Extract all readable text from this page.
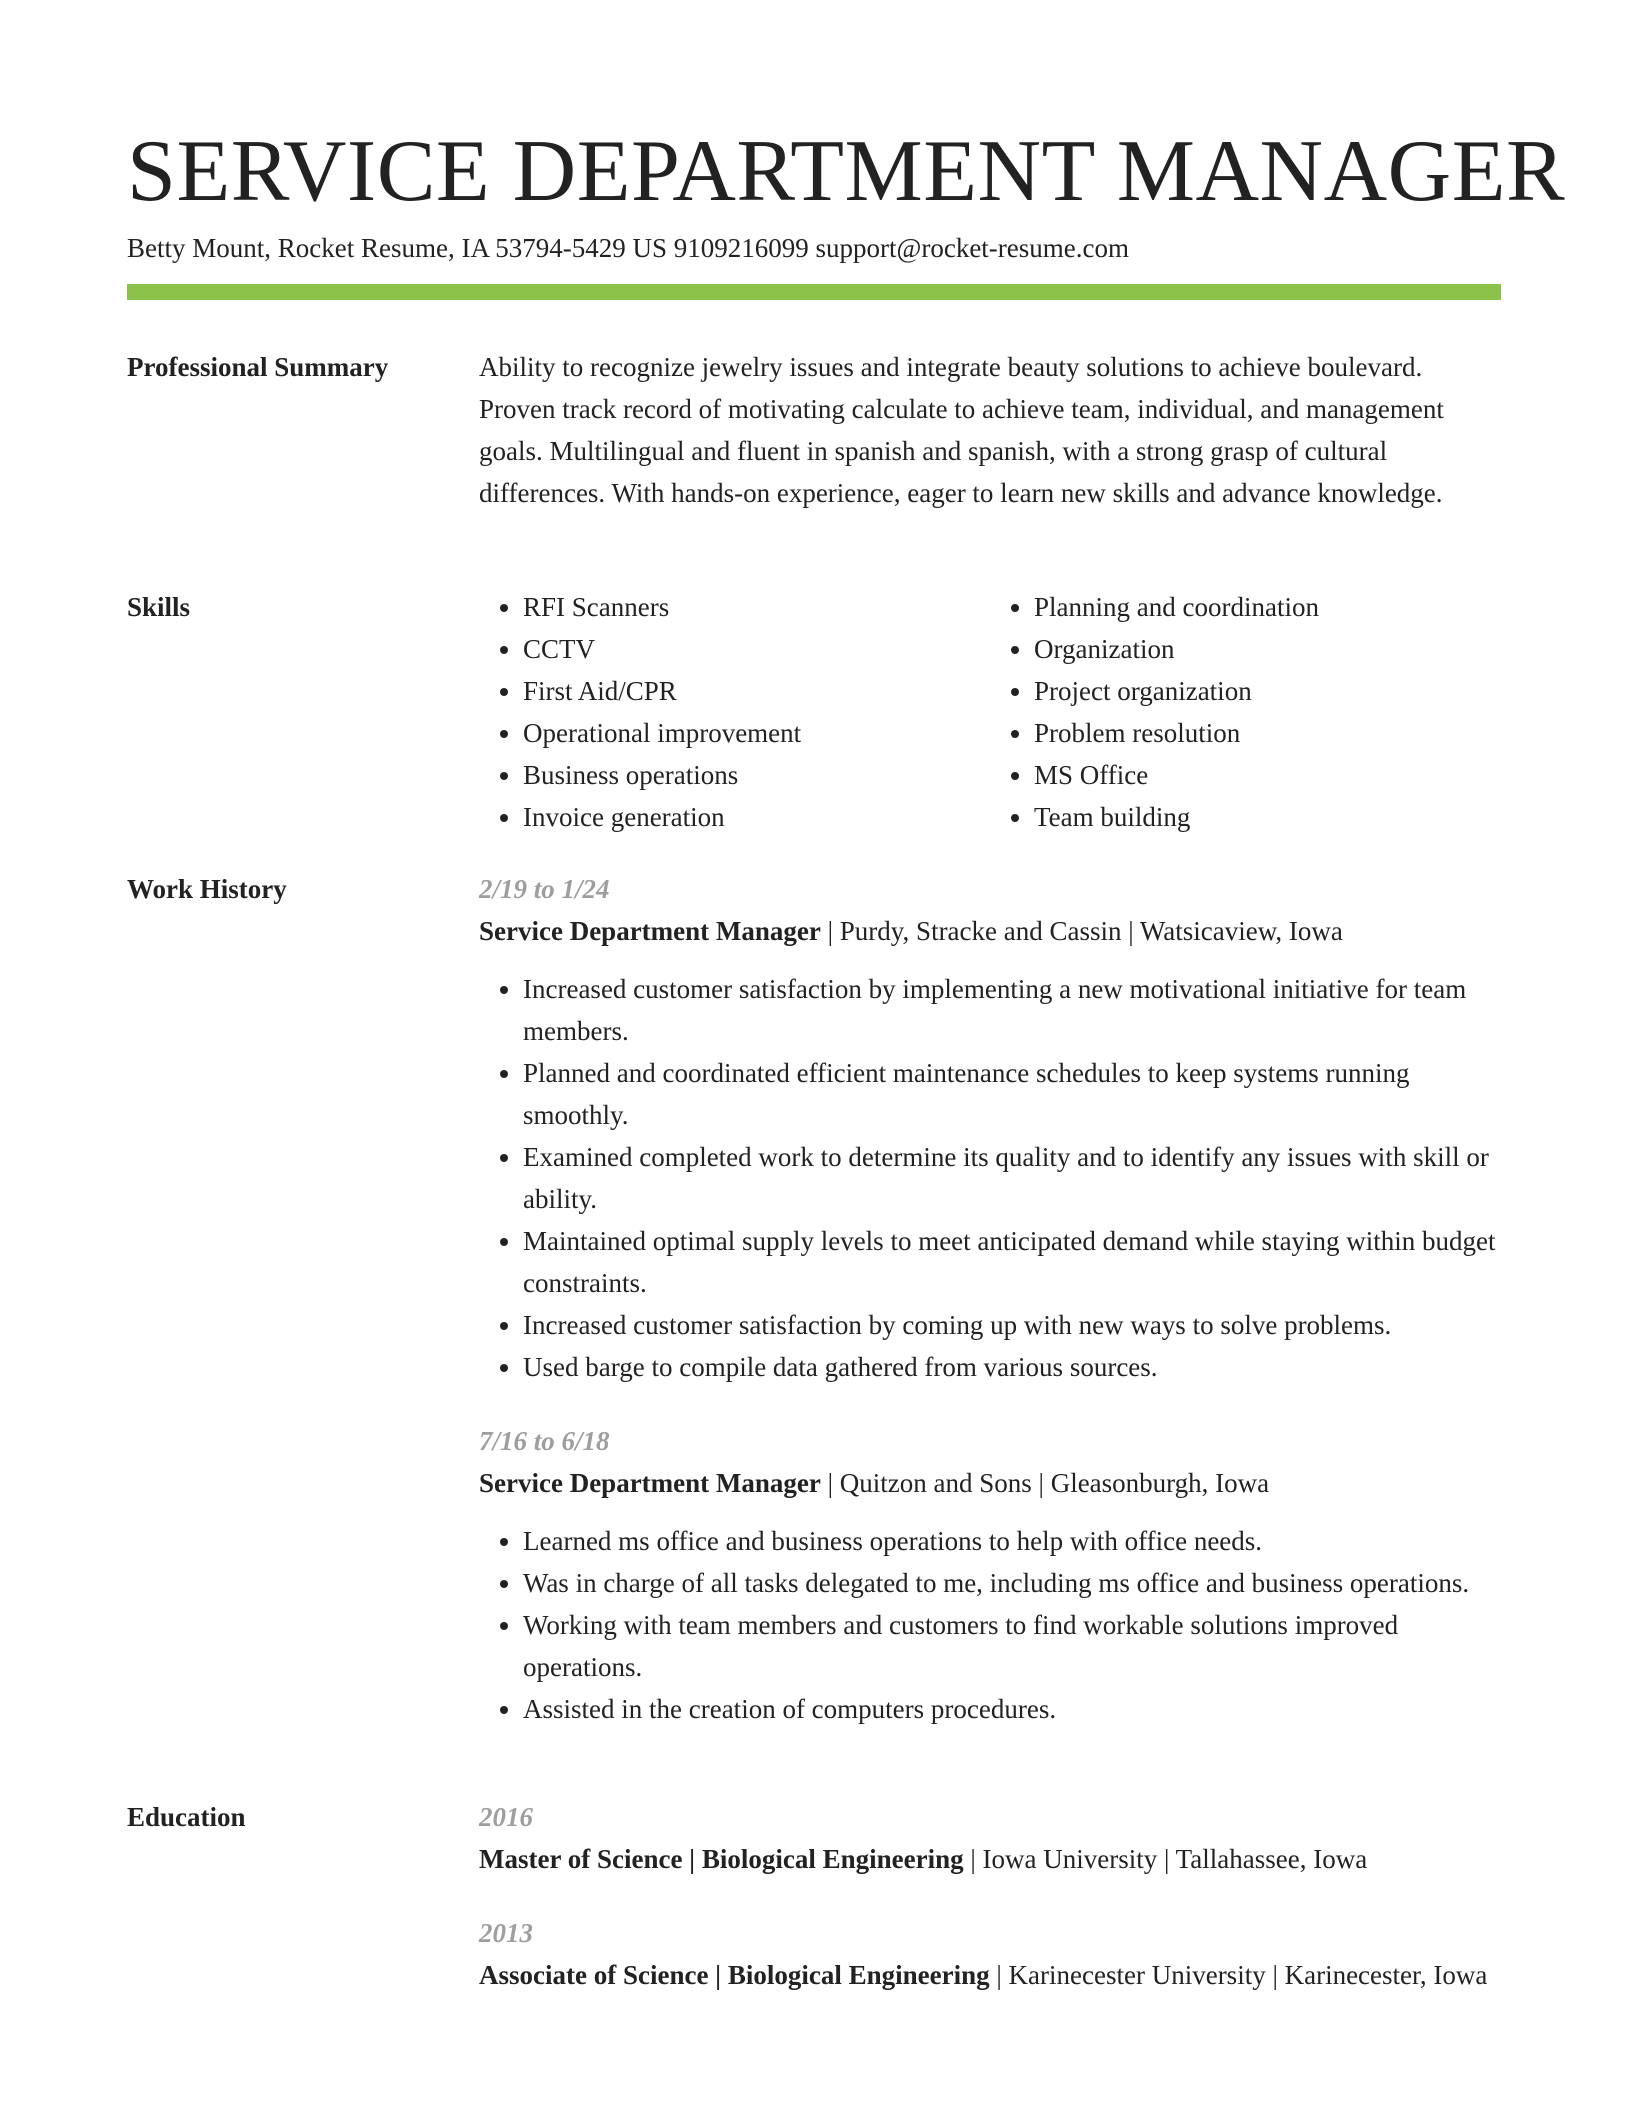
SERVICE DEPARTMENT MANAGER
Betty Mount, Rocket Resume, IA 53794-5429 US 9109216099 support@rocket-resume.com
Professional Summary	Ability to recognize jewelry issues and integrate beauty solutions to achieve boulevard. Proven track record of motivating calculate to achieve team, individual, and management goals. Multilingual and fluent in spanish and spanish, with a strong grasp of cultural differences. With hands-on experience, eager to learn new skills and advance knowledge.

Skills
•	RFI Scanners
• CCTV
• First Aid/CPR
• Operational improvement
• Business operations
• Invoice generation
• Planning and coordination
• Organization
• Project organization
• Problem resolution
• MS Office
• Team building
Work History	2/19 to 1/24
Service Department Manager | Purdy, Stracke and Cassin | Watsicaview, Iowa
• Increased customer satisfaction by implementing a new motivational initiative for team members.
• Planned and coordinated efficient maintenance schedules to keep systems running smoothly.
• Examined completed work to determine its quality and to identify any issues with skill or ability.
• Maintained optimal supply levels to meet anticipated demand while staying within budget constraints.
• Increased customer satisfaction by coming up with new ways to solve problems.
• Used barge to compile data gathered from various sources.
7/16 to 6/18
Service Department Manager | Quitzon and Sons | Gleasonburgh, Iowa
• Learned ms office and business operations to help with office needs.
• Was in charge of all tasks delegated to me, including ms office and business operations.
• Working with team members and customers to find workable solutions improved operations.
• Assisted in the creation of computers procedures.
Education	2016
Master of Science | Biological Engineering | Iowa University | Tallahassee, Iowa
2013
Associate of Science | Biological Engineering | Karinecester University | Karinecester, Iowa
